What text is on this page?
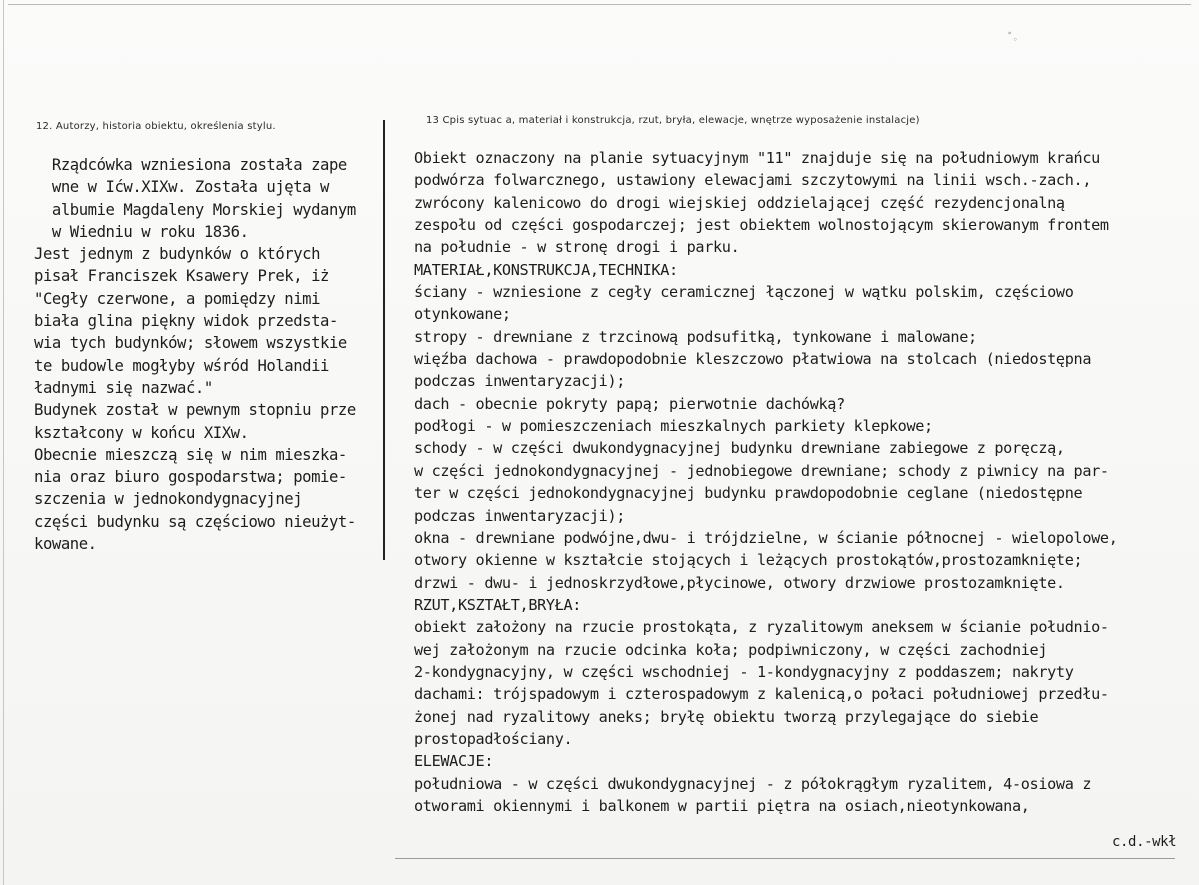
˚ ◦
12. Autorzy, historia obiektu, określenia stylu.
13 Cpis sytuac a, materiał i konstrukcja, rzut, bryła, elewacje, wnętrze wyposażenie instalacje)
Rządcówka wzniesiona została zape
wne w Ićw.XIXw. Została ujęta w
albumie Magdaleny Morskiej wydanym
w Wiedniu w roku 1836.
Jest jednym z budynków o których
pisał Franciszek Ksawery Prek, iż
"Cegły czerwone, a pomiędzy nimi
biała glina piękny widok przedsta-
wia tych budynków; słowem wszystkie
te budowle mogłyby wśród Holandii
ładnymi się nazwać."
Budynek został w pewnym stopniu prze
kształcony w końcu XIXw.
Obecnie mieszczą się w nim mieszka-
nia oraz biuro gospodarstwa; pomie-
szczenia w jednokondygnacyjnej
części budynku są częściowo nieużyt-
kowane.
Obiekt oznaczony na planie sytuacyjnym "11" znajduje się na południowym krańcu
podwórza folwarcznego, ustawiony elewacjami szczytowymi na linii wsch.-zach.,
zwrócony kalenicowo do drogi wiejskiej oddzielającej część rezydencjonalną
zespołu od części gospodarczej; jest obiektem wolnostojącym skierowanym frontem
na południe - w stronę drogi i parku.
MATERIAŁ,KONSTRUKCJA,TECHNIKA:
ściany - wzniesione z cegły ceramicznej łączonej w wątku polskim, częściowo
otynkowane;
stropy - drewniane z trzcinową podsufitką, tynkowane i malowane;
więźba dachowa - prawdopodobnie kleszczowo płatwiowa na stolcach (niedostępna
podczas inwentaryzacji);
dach - obecnie pokryty papą; pierwotnie dachówką?
podłogi - w pomieszczeniach mieszkalnych parkiety klepkowe;
schody - w części dwukondygnacyjnej budynku drewniane zabiegowe z poręczą,
w części jednokondygnacyjnej - jednobiegowe drewniane; schody z piwnicy na par-
ter w części jednokondygnacyjnej budynku prawdopodobnie ceglane (niedostępne
podczas inwentaryzacji);
okna - drewniane podwójne,dwu- i trójdzielne, w ścianie północnej - wielopolowe,
otwory okienne w kształcie stojących i leżących prostokątów,prostozamknięte;
drzwi - dwu- i jednoskrzydłowe,płycinowe, otwory drzwiowe prostozamknięte.
RZUT,KSZTAŁT,BRYŁA:
obiekt założony na rzucie prostokąta, z ryzalitowym aneksem w ścianie południo-
wej założonym na rzucie odcinka koła; podpiwniczony, w części zachodniej
2-kondygnacyjny, w części wschodniej - 1-kondygnacyjny z poddaszem; nakryty
dachami: trójspadowym i czterospadowym z kalenicą,o połaci południowej przedłu-
żonej nad ryzalitowy aneks; bryłę obiektu tworzą przylegające do siebie
prostopadłościany.
ELEWACJE:
południowa - w części dwukondygnacyjnej - z półokrągłym ryzalitem, 4-osiowa z
otworami okiennymi i balkonem w partii piętra na osiach,nieotynkowana,
c.d.-wkł
